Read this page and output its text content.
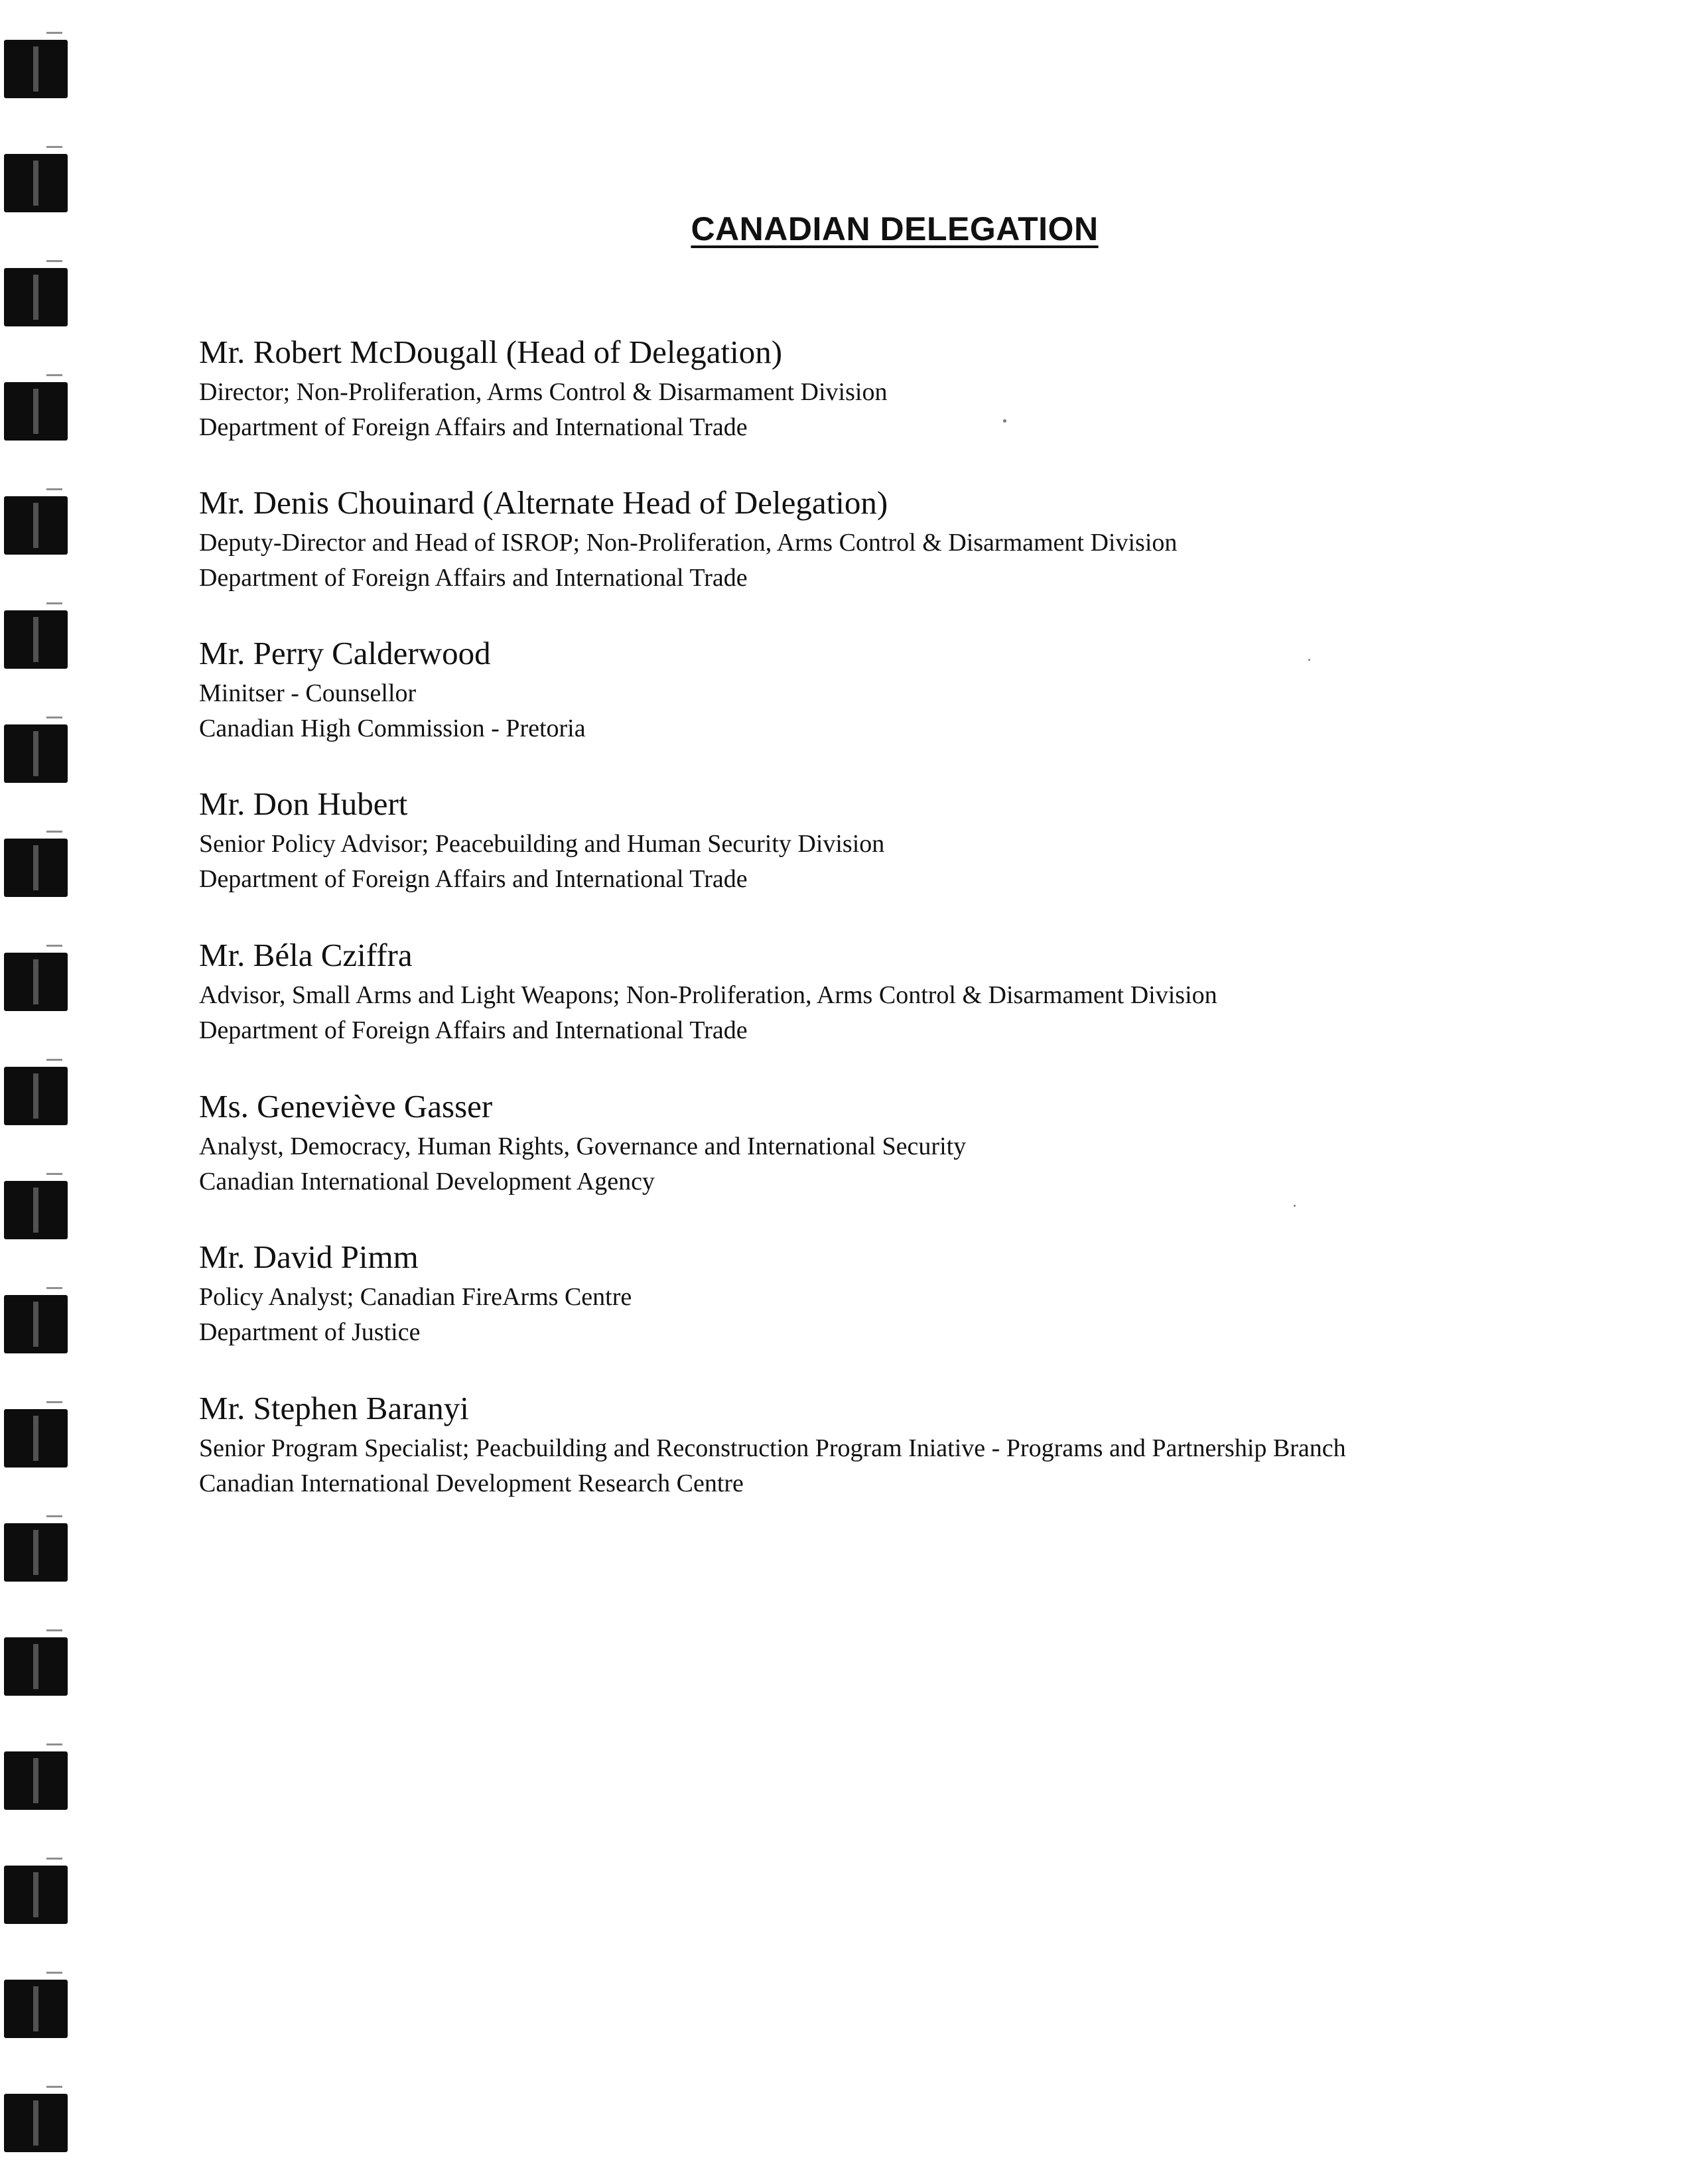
CANADIAN DELEGATION
Mr. Robert McDougall (Head of Delegation)
Director; Non-Proliferation, Arms Control & Disarmament Division
Department of Foreign Affairs and International Trade
Mr. Denis Chouinard (Alternate Head of Delegation)
Deputy-Director and Head of ISROP; Non-Proliferation, Arms Control & Disarmament Division
Department of Foreign Affairs and International Trade
Mr. Perry Calderwood
Minitser - Counsellor
Canadian High Commission - Pretoria
Mr. Don Hubert
Senior Policy Advisor; Peacebuilding and Human Security Division
Department of Foreign Affairs and International Trade
Mr. Béla Cziffra
Advisor, Small Arms and Light Weapons; Non-Proliferation, Arms Control & Disarmament Division
Department of Foreign Affairs and International Trade
Ms. Geneviève Gasser
Analyst, Democracy, Human Rights, Governance and International Security
Canadian International Development Agency
Mr. David Pimm
Policy Analyst; Canadian FireArms Centre
Department of Justice
Mr. Stephen Baranyi
Senior Program Specialist; Peacbuilding and Reconstruction Program Iniative - Programs and Partnership Branch
Canadian International Development Research Centre
